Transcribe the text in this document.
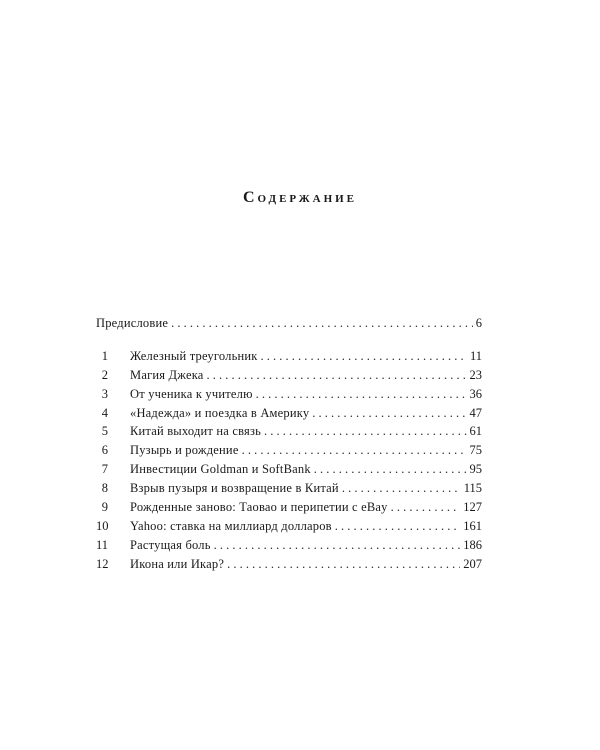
Содержание
Предисловие . . .	6
1 Железный треугольник . . .	11
2 Магия Джека . . .	23
3 От ученика к учителю . . .	36
4 «Надежда» и поездка в Америку . . .	47
5 Китай выходит на связь . . .	61
6 Пузырь и рождение . . .	75
7 Инвестиции Goldman и SoftBank . . .	95
8 Взрыв пузыря и возвращение в Китай . . .	115
9 Рожденные заново: Таовао и перипетии с eBay . . .	127
10 Yahoo: ставка на миллиард долларов . . .	161
11 Растущая боль . . .	186
12 Икона или Икар? . . .	207
